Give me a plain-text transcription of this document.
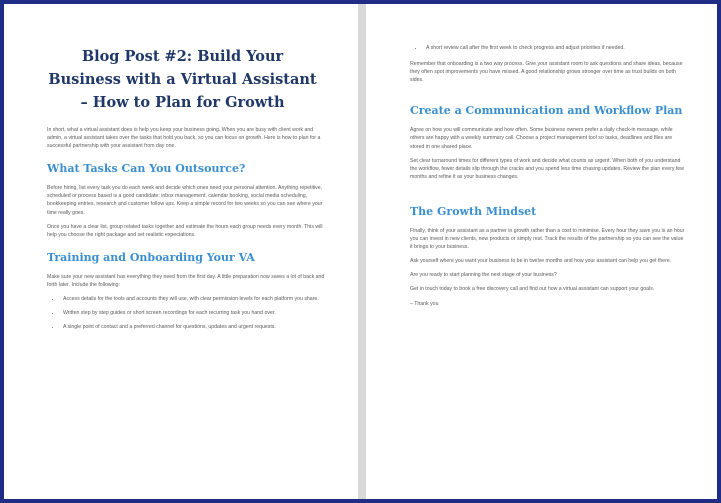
Blog Post #2: Build Your Business with a Virtual Assistant – How to Plan for Growth

In short, what a virtual assistant does is help you keep your business going. When you are busy with client work and admin, a virtual assistant takes over the tasks that hold you back, so you can focus on growth. Here is how to plan for a successful partnership with your assistant from day one.

What Tasks Can You Outsource?

Before hiring, list every task you do each week and decide which ones need your personal attention. Anything repetitive, scheduled or process based is a good candidate: inbox management, calendar booking, social media scheduling, bookkeeping entries, research and customer follow ups. Keep a simple record for two weeks so you can see where your time really goes.

Once you have a clear list, group related tasks together and estimate the hours each group needs every month. This will help you choose the right package and set realistic expectations.

Training and Onboarding Your VA

Make sure your new assistant has everything they need from the first day. A little preparation now saves a lot of back and forth later. Include the following:

• Access details for the tools and accounts they will use, with clear permission levels for each platform you share.
• Written step by step guides or short screen recordings for each recurring task you hand over.
• A single point of contact and a preferred channel for questions, updates and urgent requests.
• A short review call after the first week to check progress and adjust priorities if needed.

Remember that onboarding is a two way process. Give your assistant room to ask questions and share ideas, because they often spot improvements you have missed. A good relationship grows stronger over time as trust builds on both sides.

Create a Communication and Workflow Plan

Agree on how you will communicate and how often. Some business owners prefer a daily check-in message, while others are happy with a weekly summary call. Choose a project management tool so tasks, deadlines and files are stored in one shared place.

Set clear turnaround times for different types of work and decide what counts as urgent. When both of you understand the workflow, fewer details slip through the cracks and you spend less time chasing updates. Review the plan every few months and refine it as your business changes.

The Growth Mindset

Finally, think of your assistant as a partner in growth rather than a cost to minimise. Every hour they save you is an hour you can invest in new clients, new products or simply rest. Track the results of the partnership so you can see the value it brings to your business.

Ask yourself where you want your business to be in twelve months and how your assistant can help you get there.

Are you ready to start planning the next stage of your business?

Get in touch today to book a free discovery call and find out how a virtual assistant can support your goals.

– Thank you
